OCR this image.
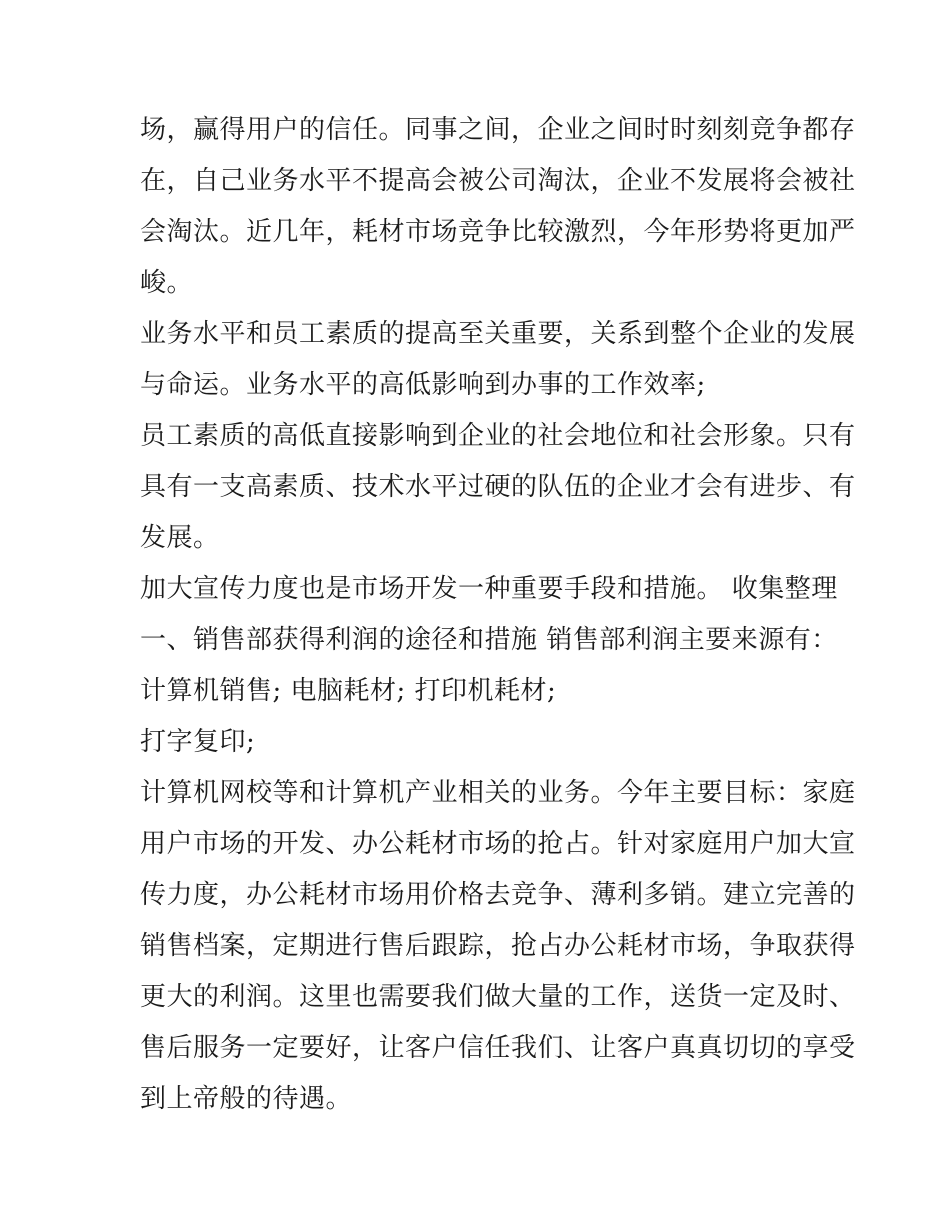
场，赢得用户的信任。同事之间，企业之间时时刻刻竞争都存
在，自己业务水平不提高会被公司淘汰，企业不发展将会被社
会淘汰。近几年，耗材市场竞争比较激烈，今年形势将更加严
峻。
业务水平和员工素质的提高至关重要，关系到整个企业的发展
与命运。业务水平的高低影响到办事的工作效率;
员工素质的高低直接影响到企业的社会地位和社会形象。只有
具有一支高素质、技术水平过硬的队伍的企业才会有进步、有
发展。
加大宣传力度也是市场开发一种重要手段和措施。 收集整理
一、销售部获得利润的途径和措施 销售部利润主要来源有：
计算机销售; 电脑耗材; 打印机耗材;
打字复印;
计算机网校等和计算机产业相关的业务。今年主要目标：家庭
用户市场的开发、办公耗材市场的抢占。针对家庭用户加大宣
传力度，办公耗材市场用价格去竞争、薄利多销。建立完善的
销售档案，定期进行售后跟踪，抢占办公耗材市场，争取获得
更大的利润。这里也需要我们做大量的工作，送货一定及时、
售后服务一定要好，让客户信任我们、让客户真真切切的享受
到上帝般的待遇。
